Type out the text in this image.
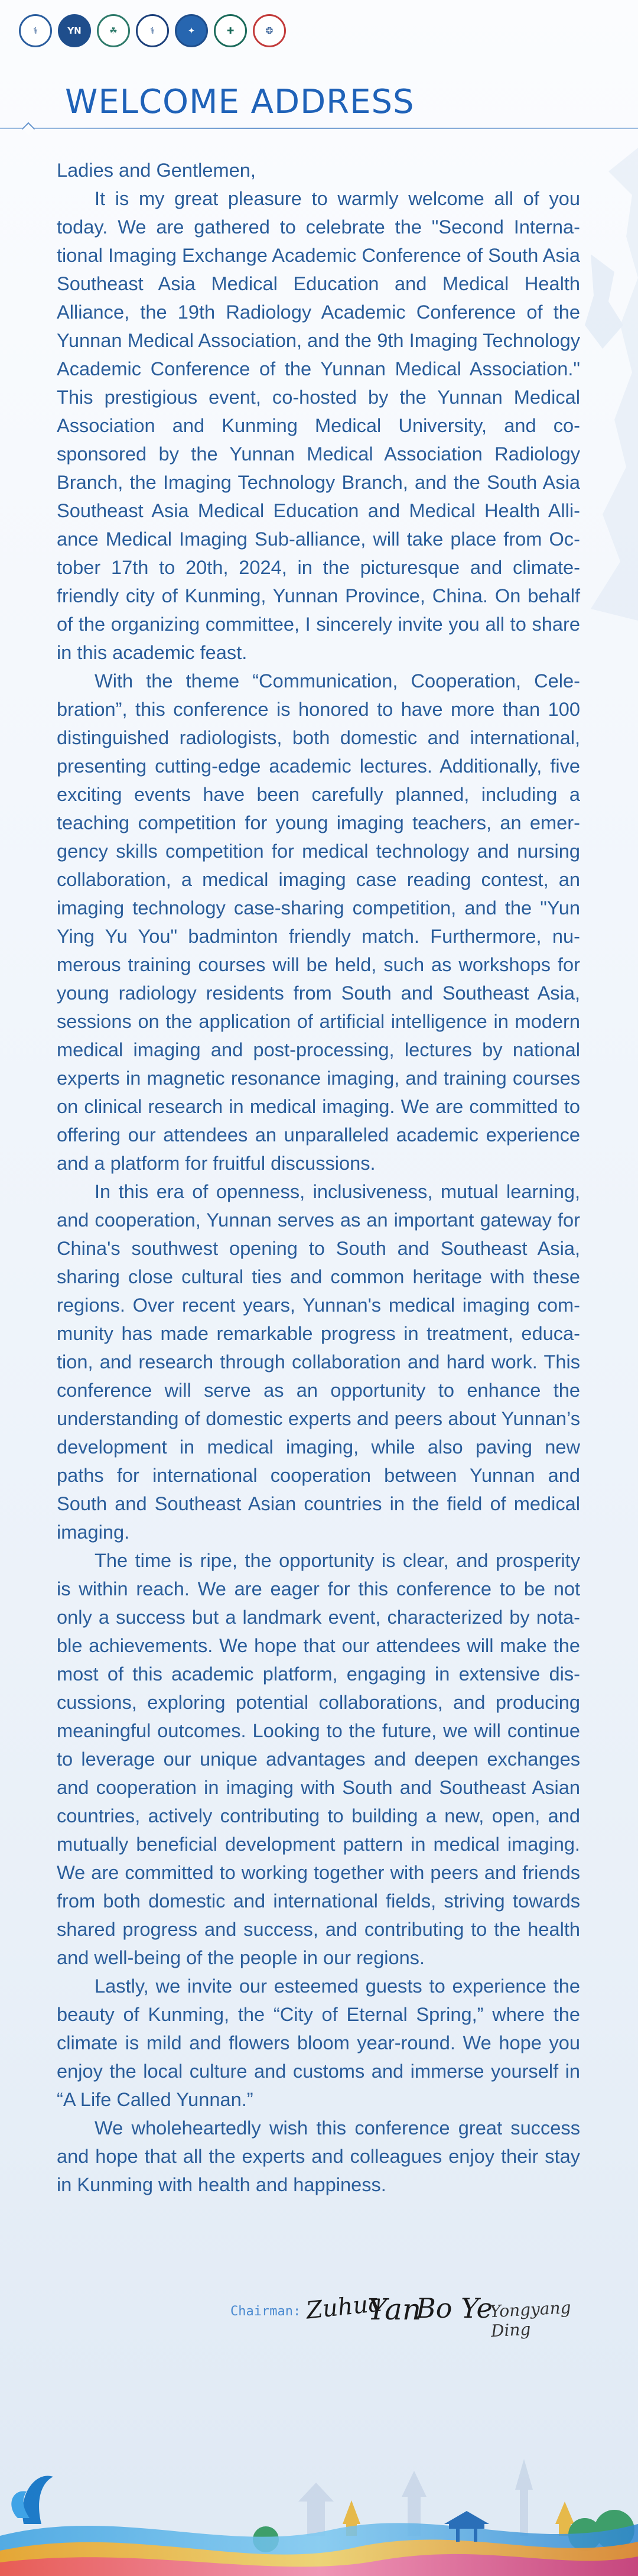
⚕	YN	☘	⚕	✦	✚	❂
WELCOME ADDRESS

Ladies and Gentlemen,

It is my great pleasure to warmly welcome all of you today. We are gathered to celebrate the "Second International Imaging Exchange Academic Conference of South Asia Southeast Asia Medical Education and Medical Health Alliance, the 19th Radiology Academic Conference of the Yunnan Medical Association, and the 9th Imaging Technology Academic Conference of the Yunnan Medical Association." This prestigious event, co-hosted by the Yunnan Medical Association and Kunming Medical University, and co-sponsored by the Yunnan Medical Association Radiology Branch, the Imaging Technology Branch, and the South Asia Southeast Asia Medical Education and Medical Health Alliance Medical Imaging Sub-alliance, will take place from October 17th to 20th, 2024, in the picturesque and climate-friendly city of Kunming, Yunnan Province, China. On behalf of the organizing committee, I sincerely invite you all to share in this academic feast.

With the theme “Communication, Cooperation, Celebration”, this conference is honored to have more than 100 distinguished radiologists, both domestic and international, presenting cutting-edge academic lectures. Additionally, five exciting events have been carefully planned, including a teaching competition for young imaging teachers, an emergency skills competition for medical technology and nursing collaboration, a medical imaging case reading contest, an imaging technology case-sharing competition, and the "Yun Ying Yu You" badminton friendly match. Furthermore, numerous training courses will be held, such as workshops for young radiology residents from South and Southeast Asia, sessions on the application of artificial intelligence in modern medical imaging and post-processing, lectures by national experts in magnetic resonance imaging, and training courses on clinical research in medical imaging. We are committed to offering our attendees an unparalleled academic experience and a platform for fruitful discussions.

In this era of openness, inclusiveness, mutual learning, and cooperation, Yunnan serves as an important gateway for China's southwest opening to South and Southeast Asia, sharing close cultural ties and common heritage with these regions. Over recent years, Yunnan's medical imaging community has made remarkable progress in treatment, education, and research through collaboration and hard work. This conference will serve as an opportunity to enhance the understanding of domestic experts and peers about Yunnan’s development in medical imaging, while also paving new paths for international cooperation between Yunnan and South and Southeast Asian countries in the field of medical imaging.

The time is ripe, the opportunity is clear, and prosperity is within reach. We are eager for this conference to be not only a success but a landmark event, characterized by notable achievements. We hope that our attendees will make the most of this academic platform, engaging in extensive discussions, exploring potential collaborations, and producing meaningful outcomes. Looking to the future, we will continue to leverage our unique advantages and deepen exchanges and cooperation in imaging with South and Southeast Asian countries, actively contributing to building a new, open, and mutually beneficial development pattern in medical imaging. We are committed to working together with peers and friends from both domestic and international fields, striving towards shared progress and success, and contributing to the health and well-being of the people in our regions.

Lastly, we invite our esteemed guests to experience the beauty of Kunming, the “City of Eternal Spring,” where the climate is mild and flowers bloom year-round. We hope you enjoy the local culture and customs and immerse yourself in “A Life Called Yunnan.”

We wholeheartedly wish this conference great success and hope that all the experts and colleagues enjoy their stay in Kunming with health and happiness.

Chairman: Zuhua
Yan
Bo Ye
Yongyang Ding
